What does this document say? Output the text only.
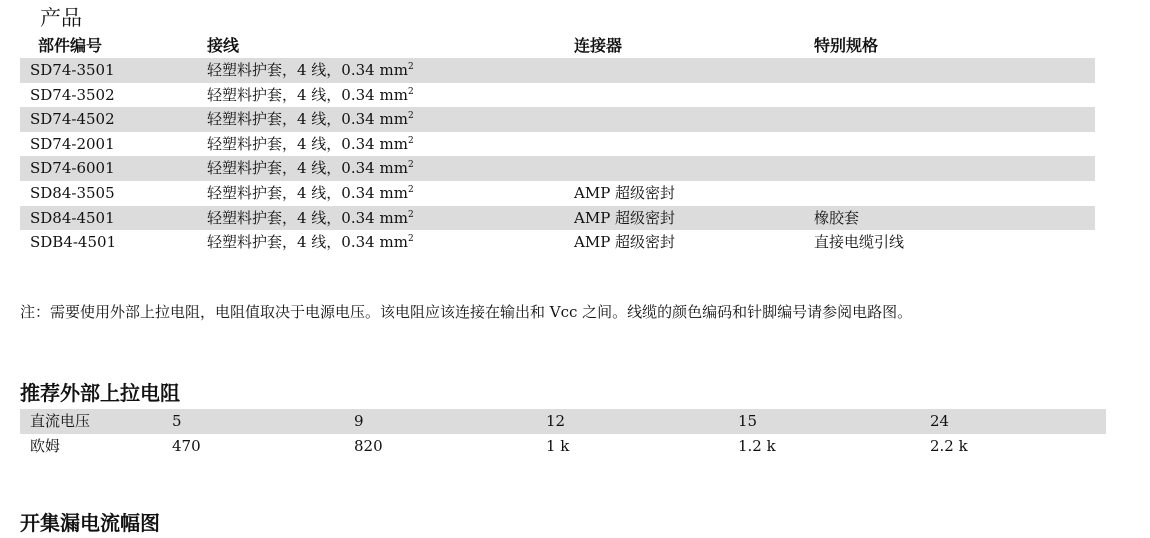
产品
部件编号	接线	连接器	特别规格
SD74-3501	轻塑料护套，4 线，0.34 $mm^2$
SD74-3502	轻塑料护套，4 线，0.34 $mm^2$
SD74-4502	轻塑料护套，4 线，0.34 $mm^2$
SD74-2001	轻塑料护套，4 线，0.34 $mm^2$
SD74-6001	轻塑料护套，4 线，0.34 $mm^2$
SD84-3505	轻塑料护套，4 线，0.34 $mm^2$	AMP 超级密封
SD84-4501	轻塑料护套，4 线，0.34 $mm^2$	AMP 超级密封	橡胶套
SDB4-4501	轻塑料护套，4 线，0.34 $mm^2$	AMP 超级密封	直接电缆引线

注：需要使用外部上拉电阻，电阻值取决于电源电压。该电阻应该连接在输出和 Vcc 之间。线缆的颜色编码和针脚编号请参阅电路图。

推荐外部上拉电阻
直流电压	5	9	12	15	24
欧姆	470	820	1 k	1.2 k	2.2 k
开集漏电流幅图
